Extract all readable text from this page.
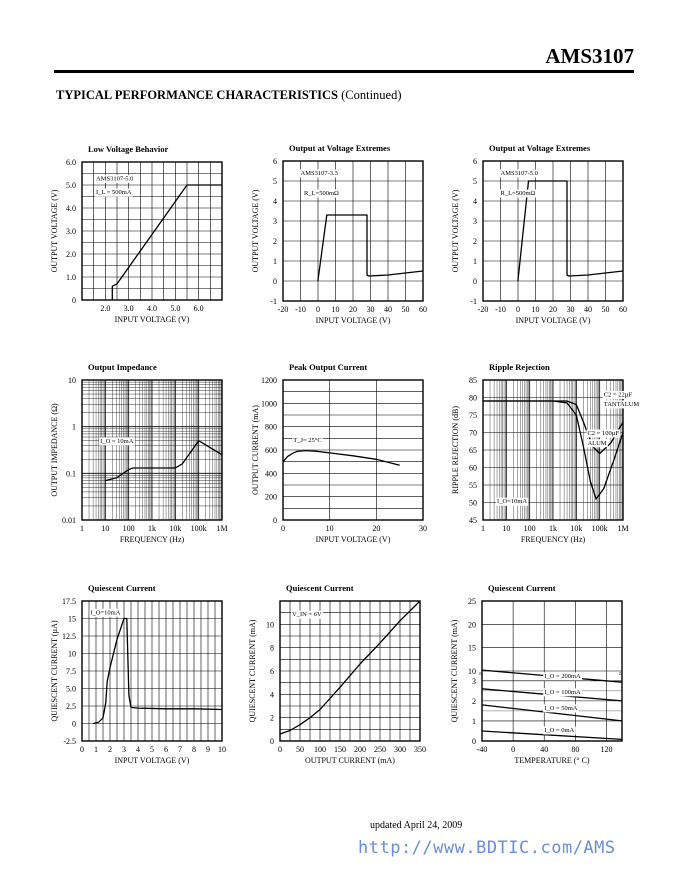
AMS3107
TYPICAL PERFORMANCE CHARACTERISTICS (Continued)
Low Voltage Behavior
2.0 3.0 4.0 5.0 6.0
0
1.0
2.0
3.0
4.0
5.0
6.0
INPUT VOLTAGE (V)
OUTPUT VOLTAGE (V)
AMS3107-5.0
I_L = 500mA
Output at Voltage Extremes
-20 -10 0 10 20 30 40 50 60
-1
0
1
2
3
4
5
6
INPUT VOLTAGE (V)
OUTPUT VOLTAGE (V)
AMS3107-3.3
R_L=500mΩ
Output at Voltage Extremes
-20 -10 0 10 20 30 40 50 60
-1
0
1
2
3
4
5
6
INPUT VOLTAGE (V)
OUTPUT VOLTAGE (V)
AMS3107-5.0
R_L=500mΩ
Output Impedance
1 10 100 1k 10k 100k 1M
0.01
0.1
1
10
FREQUENCY (Hz)
OUTPUT IMPEDANCE (Ω)	I_O = 10mA
Peak Output Current
0	10	20	30
0
200
400
600
800
1000
1200
INPUT VOLTAGE (V)
OUTPUT CURRENT (mA)	T_J= 25°C
Ripple Rejection
1 10 100 1k 10k 100k 1M
45
50
55
60
65
70
75
80
85
FREQUENCY (Hz)
RIPPLE REJECTION (dB)
C2 = 22µF
TANTALUM
C2 = 100µF
ALUM
I_O=10mA
Quiescent Current
0 1 2 3 4 5 6 7 8 9 10
-2.5
0
2.5
5.0
7.5
10
12.5
15
17.5
INPUT VOLTAGE (V)
QUIESCENT CURRENT (µA)
I_O=10mA
Quiescent Current
0 50 100 150 200 250 300 350
0
2
4
6
8
10
OUTPUT CURRENT (mA)
QUIESCENT CURRENT (mA)
V_IN = 6V
≈	≈
Quiescent Current
-40	0	40	80	120
0
1
2
3
10
15
20
25
TEMPERATURE (° C)
QUIESCENT CURRENT (mA)	I_O = 200mA
I_O = 100mA
I_O = 50mA
I_O = 0mA
updated April 24, 2009
http://www.BDTIC.com/AMS
